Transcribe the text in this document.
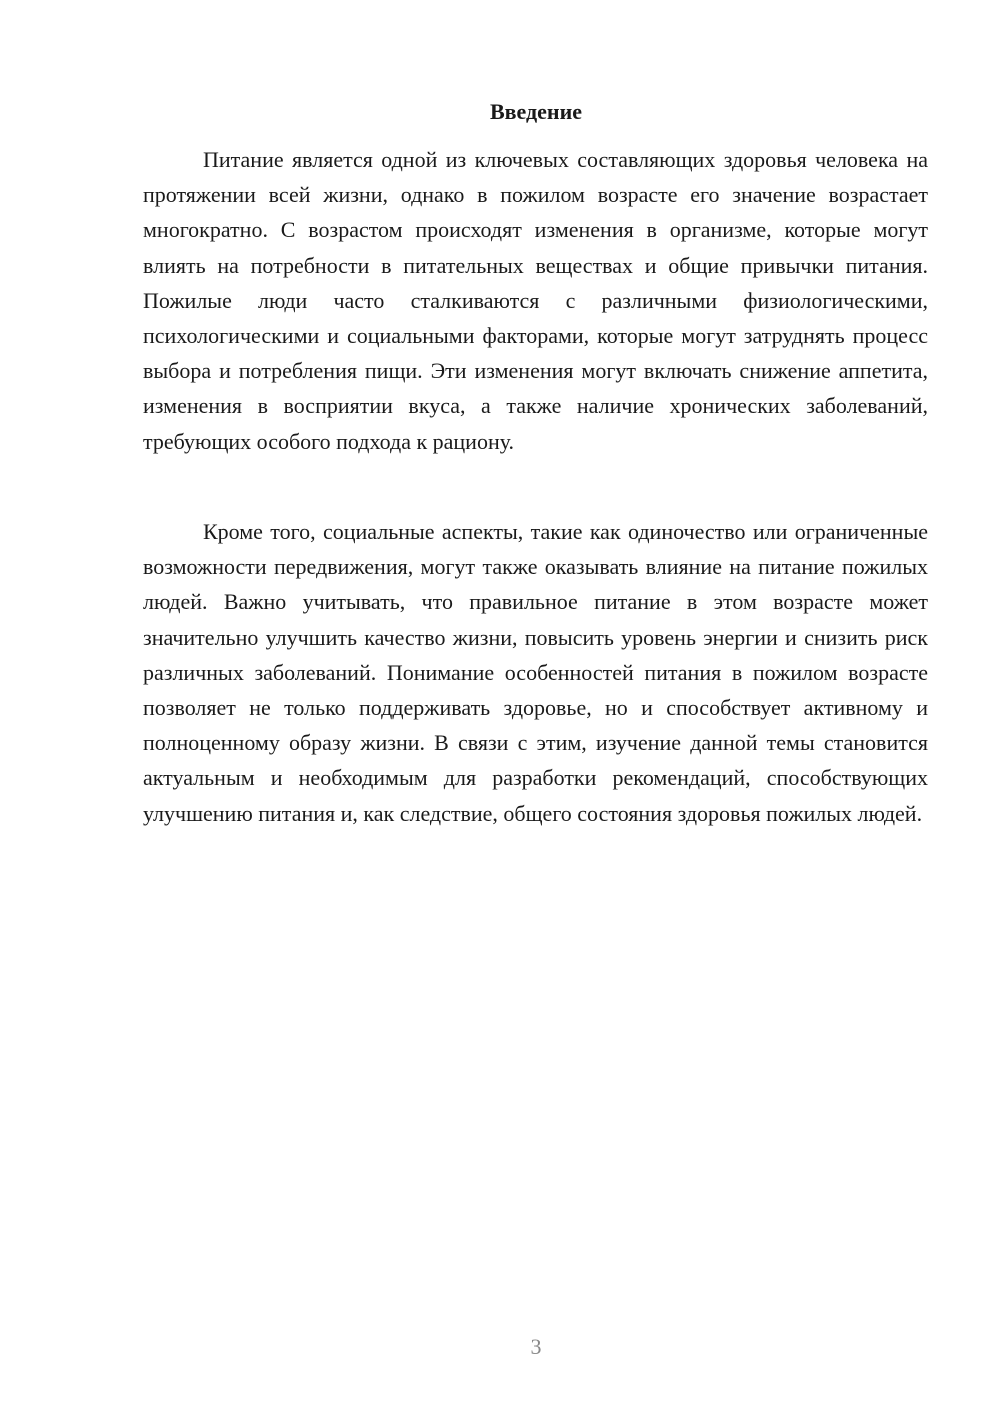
Введение

Питание является одной из ключевых составляющих здоровья человека на протяжении всей жизни, однако в пожилом возрасте его значение возрастает многократно. С возрастом происходят изменения в организме, которые могут влиять на потребности в питательных веществах и общие привычки питания. Пожилые люди часто сталкиваются с различными физиологическими, психологическими и социальными факторами, которые могут затруднять процесс выбора и потребления пищи. Эти изменения могут включать снижение аппетита, изменения в восприятии вкуса, а также наличие хронических заболеваний, требующих особого подхода к рациону.

Кроме того, социальные аспекты, такие как одиночество или ограниченные возможности передвижения, могут также оказывать влияние на питание пожилых людей. Важно учитывать, что правильное питание в этом возрасте может значительно улучшить качество жизни, повысить уровень энергии и снизить риск различных заболеваний. Понимание особенностей питания в пожилом возрасте позволяет не только поддерживать здоровье, но и способствует активному и полноценному образу жизни. В связи с этим, изучение данной темы становится актуальным и необходимым для разработки рекомендаций, способствующих улучшению питания и, как следствие, общего состояния здоровья пожилых людей.

3
